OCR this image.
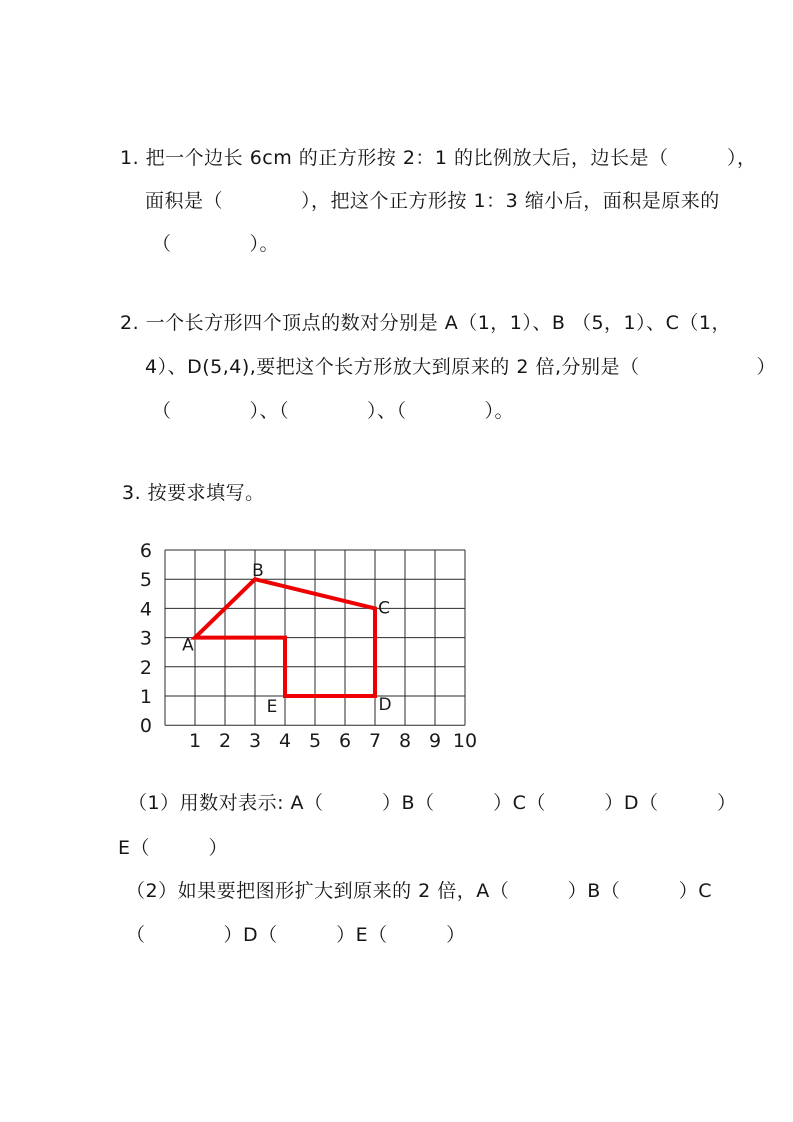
1. 把一个边长 6cm 的正方形按 2：1 的比例放大后，边长是（　　　），
面积是（　　　　），把这个正方形按 1：3 缩小后，面积是原来的
（　　　　）。
2. 一个长方形四个顶点的数对分别是 A（1，1）、B （5，1）、C（1，
4）、D(5,4),要把这个长方形放大到原来的 2 倍,分别是（　　　　　　）
（　　　　）、（　　　　）、（　　　　）。
3. 按要求填写。
6
5
4
3
2
1
0
1 2 3 4 5 6 7 8 9 10
A
B
C
D
E
（1）用数对表示: A（　　　）B（　　　）C（　　　）D（　　　）
E（　　　）
（2）如果要把图形扩大到原来的 2 倍，A（　　　）B（　　　）C
（　　　　）D（　　　）E（　　　）
